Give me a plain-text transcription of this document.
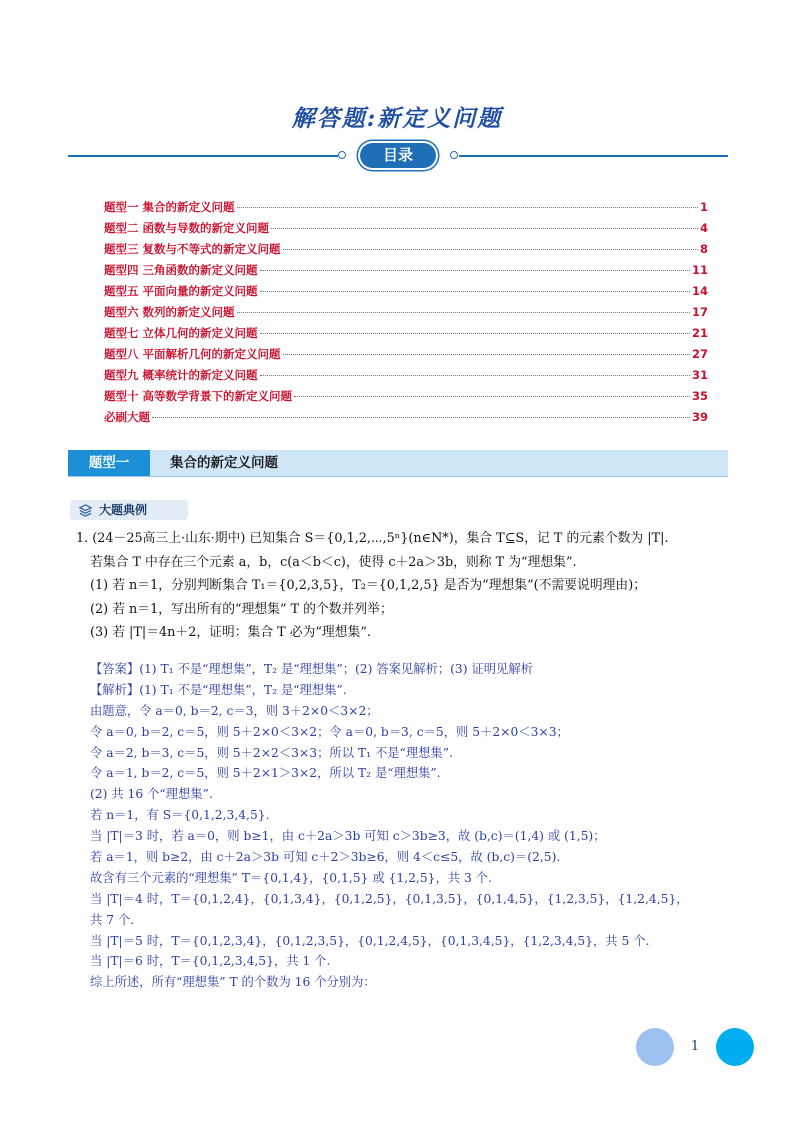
解答题:新定义问题
目录
题型一 集合的新定义问题	1
题型二 函数与导数的新定义问题	4
题型三 复数与不等式的新定义问题	8
题型四 三角函数的新定义问题	11
题型五 平面向量的新定义问题	14
题型六 数列的新定义问题	17
题型七 立体几何的新定义问题	21
题型八 平面解析几何的新定义问题	27
题型九 概率统计的新定义问题	31
题型十 高等数学背景下的新定义问题	35
必刷大题	39
题型一	集合的新定义问题
大题典例
1. (24－25高三上·山东·期中) 已知集合 S＝{0,1,2,⋯,5ⁿ}(n∈N*)，集合 T⊆S，记 T 的元素个数为 |T|.
若集合 T 中存在三个元素 a，b，c(a＜b＜c)，使得 c＋2a＞3b，则称 T 为“理想集”.
(1) 若 n＝1，分别判断集合 T₁＝{0,2,3,5}，T₂＝{0,1,2,5} 是否为“理想集”(不需要说明理由)；
(2) 若 n＝1，写出所有的“理想集” T 的个数并列举；
(3) 若 |T|＝4n＋2，证明：集合 T 必为“理想集”.
【答案】(1) T₁ 不是“理想集”，T₂ 是“理想集”；(2) 答案见解析；(3) 证明见解析
【解析】(1) T₁ 不是“理想集”，T₂ 是“理想集”.
由题意，令 a＝0, b＝2, c＝3，则 3＋2×0＜3×2；
令 a＝0, b＝2, c＝5，则 5＋2×0＜3×2；令 a＝0, b＝3, c＝5，则 5＋2×0＜3×3；
令 a＝2, b＝3, c＝5，则 5＋2×2＜3×3；所以 T₁ 不是“理想集”.
令 a＝1, b＝2, c＝5，则 5＋2×1＞3×2，所以 T₂ 是“理想集”.
(2) 共 16 个“理想集”.
若 n＝1，有 S＝{0,1,2,3,4,5}.
当 |T|＝3 时，若 a＝0，则 b≥1，由 c＋2a＞3b 可知 c＞3b≥3，故 (b,c)＝(1,4) 或 (1,5)；
若 a＝1，则 b≥2，由 c＋2a＞3b 可知 c＋2＞3b≥6，则 4＜c≤5，故 (b,c)＝(2,5).
故含有三个元素的“理想集” T＝{0,1,4}，{0,1,5} 或 {1,2,5}，共 3 个.
当 |T|＝4 时，T＝{0,1,2,4}，{0,1,3,4}，{0,1,2,5}，{0,1,3,5}，{0,1,4,5}，{1,2,3,5}，{1,2,4,5}，
共 7 个.
当 |T|＝5 时，T＝{0,1,2,3,4}，{0,1,2,3,5}，{0,1,2,4,5}，{0,1,3,4,5}，{1,2,3,4,5}，共 5 个.
当 |T|＝6 时，T＝{0,1,2,3,4,5}，共 1 个.
综上所述，所有“理想集” T 的个数为 16 个分别为：
1
